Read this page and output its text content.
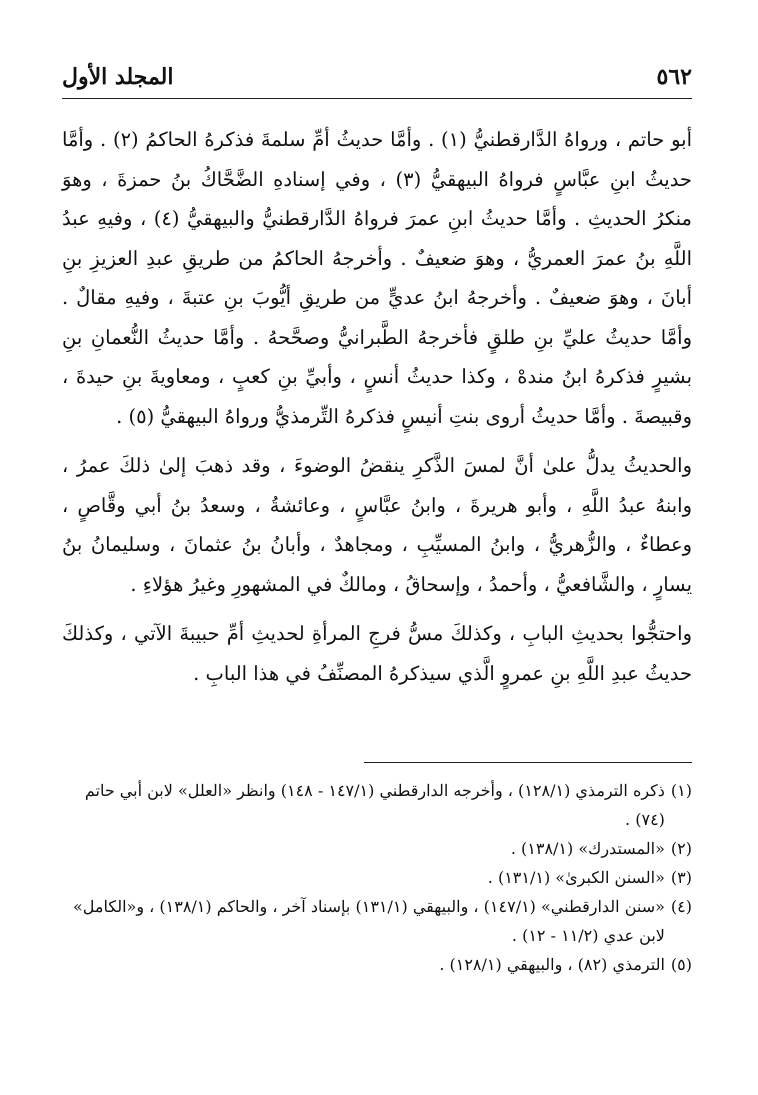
٥٦٢
المجلد الأول

أبو حاتم ، ورواهُ الدَّارقطنيُّ (١) . وأمَّا حديثُ أمِّ سلمةَ فذكرهُ الحاكمُ (٢) . وأمَّا حديثُ ابنِ عبَّاسٍ فرواهُ البيهقيُّ (٣) ، وفي إسنادهِ الضَّحَّاكُ بنُ حمزةَ ، وهوَ منكرُ الحديثِ . وأمَّا حديثُ ابنِ عمرَ فرواهُ الدَّارقطنيُّ والبيهقيُّ (٤) ، وفيهِ عبدُ اللَّهِ بنُ عمرَ العمريُّ ، وهوَ ضعيفٌ . وأخرجهُ الحاكمُ من طريقِ عبدِ العزيزِ بنِ أبانَ ، وهوَ ضعيفٌ . وأخرجهُ ابنُ عديٍّ من طريقِ أيُّوبَ بنِ عتبةَ ، وفيهِ مقالٌ . وأمَّا حديثُ عليِّ بنِ طلقٍ فأخرجهُ الطَّبرانيُّ وصحَّحهُ . وأمَّا حديثُ النُّعمانِ بنِ بشيرٍ فذكرهُ ابنُ مندهْ ، وكذا حديثُ أنسٍ ، وأبيِّ بنِ كعبٍ ، ومعاويةَ بنِ حيدةَ ، وقبيصةَ . وأمَّا حديثُ أروى بنتِ أنيسٍ فذكرهُ التِّرمذيُّ ورواهُ البيهقيُّ (٥) .

والحديثُ يدلُّ علىٰ أنَّ لمسَ الذَّكرِ ينقضُ الوضوءَ ، وقد ذهبَ إلىٰ ذلكَ عمرُ ، وابنهُ عبدُ اللَّهِ ، وأبو هريرةَ ، وابنُ عبَّاسٍ ، وعائشةُ ، وسعدُ بنُ أبي وقَّاصٍ ، وعطاءٌ ، والزُّهريُّ ، وابنُ المسيِّبِ ، ومجاهدٌ ، وأبانُ بنُ عثمانَ ، وسليمانُ بنُ يسارٍ ، والشَّافعيُّ ، وأحمدُ ، وإسحاقُ ، ومالكٌ في المشهورِ وغيرُ هؤلاءِ .

واحتجُّوا بحديثِ البابِ ، وكذلكَ مسُّ فرجِ المرأةِ لحديثِ أمِّ حبيبةَ الآتي ، وكذلكَ حديثُ عبدِ اللَّهِ بنِ عمروٍ الَّذي سيذكرهُ المصنِّفُ في هذا البابِ .

(١)
ذكره الترمذي (١٢٨/١) ، وأخرجه الدارقطني (١٤٧/١ - ١٤٨) وانظر «العلل» لابن أبي حاتم (٧٤) .
(٢)
«المستدرك» (١٣٨/١) .
(٣)
«السنن الكبرىٰ» (١٣١/١) .
(٤)
«سنن الدارقطني» (١٤٧/١) ، والبيهقي (١٣١/١) بإسناد آخر ، والحاكم (١٣٨/١) ، و«الكامل» لابن عدي (١١/٢ - ١٢) .
(٥)
الترمذي (٨٢) ، والبيهقي (١٢٨/١) .
